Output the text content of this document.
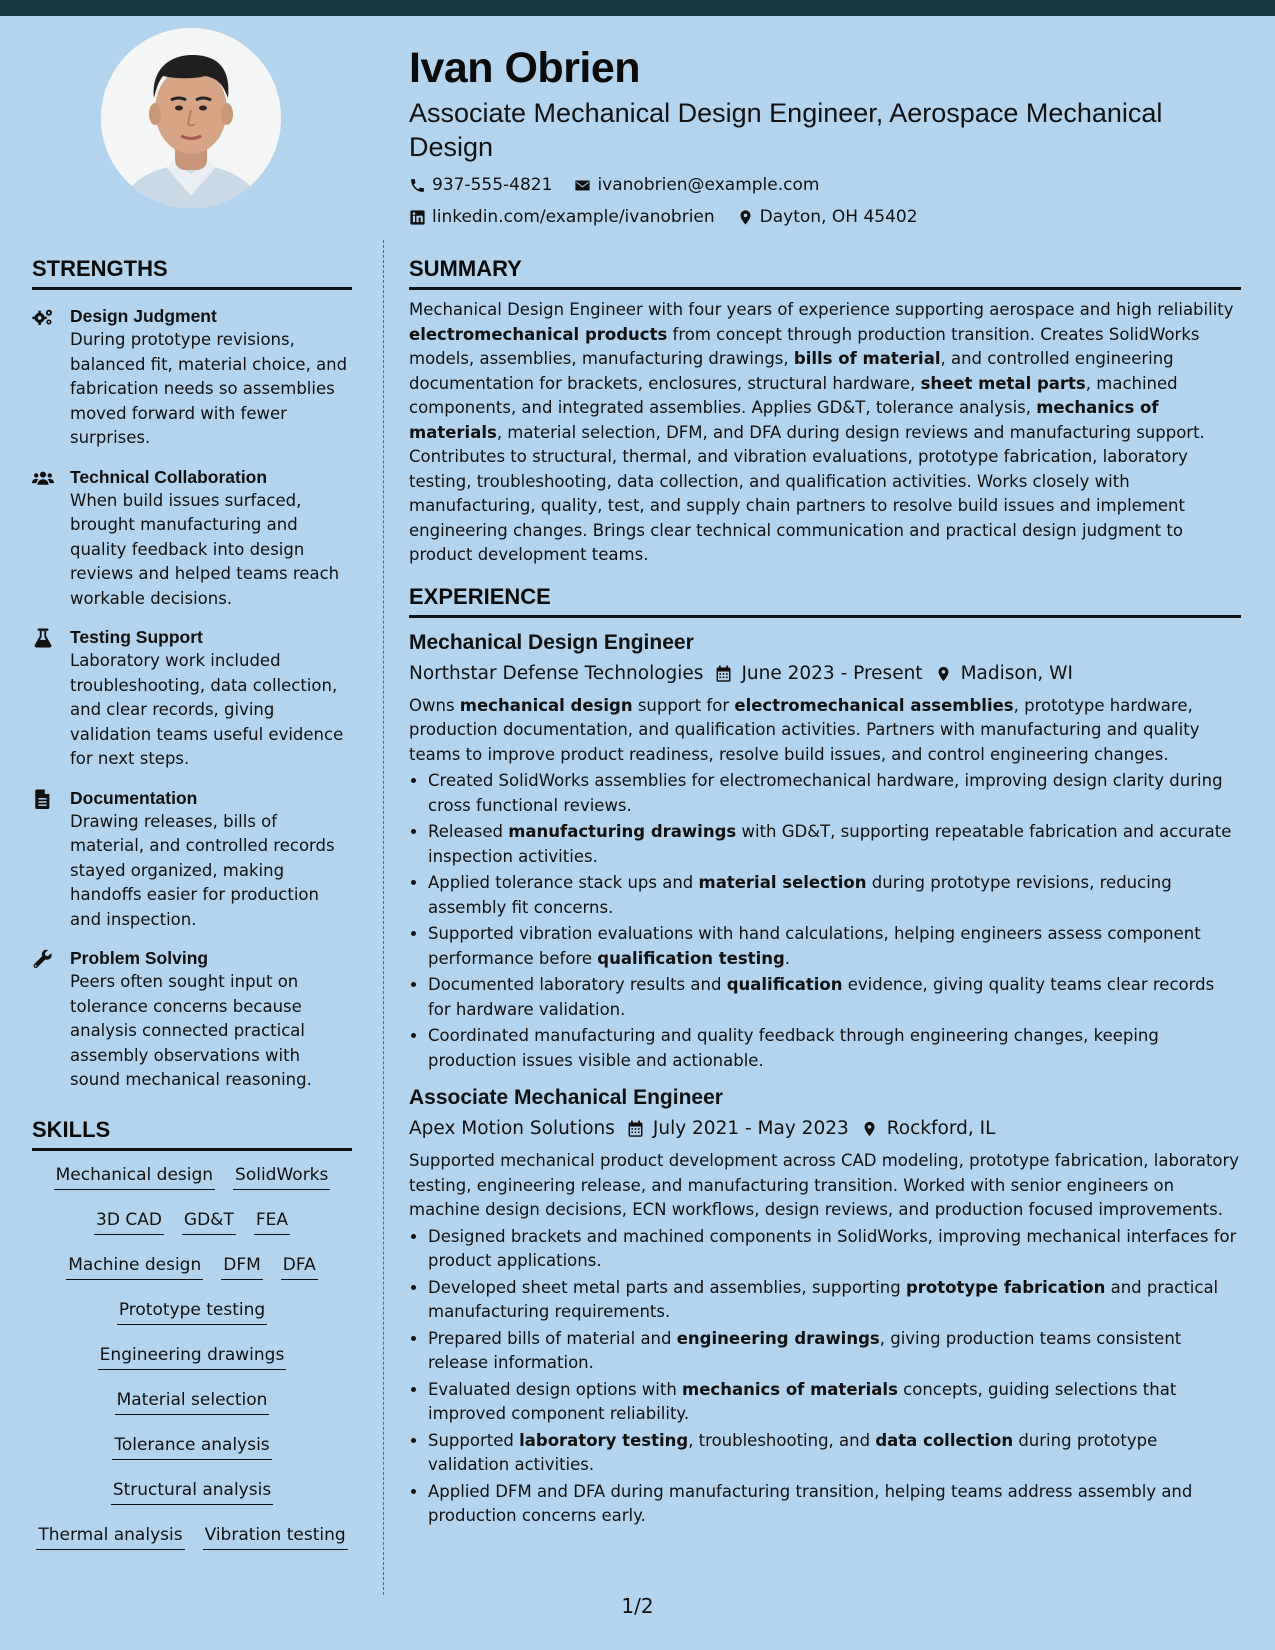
Ivan Obrien
Associate Mechanical Design Engineer, Aerospace Mechanical Design
937-555-4821	ivanobrien@example.com
linkedin.com/example/ivanobrien	Dayton, OH 45402
STRENGTHS
Design Judgment
During prototype revisions, balanced fit, material choice, and fabrication needs so assemblies moved forward with fewer surprises.
Technical Collaboration
When build issues surfaced, brought manufacturing and quality feedback into design reviews and helped teams reach workable decisions.
Testing Support
Laboratory work included troubleshooting, data collection, and clear records, giving validation teams useful evidence for next steps.
Documentation
Drawing releases, bills of material, and controlled records stayed organized, making handoffs easier for production and inspection.
Problem Solving
Peers often sought input on tolerance concerns because analysis connected practical assembly observations with sound mechanical reasoning.
SKILLS
Mechanical design SolidWorks
3D CAD GD&T FEA
Machine design DFM DFA
Prototype testing
Engineering drawings
Material selection
Tolerance analysis
Structural analysis
Thermal analysis Vibration testing
SUMMARY
Mechanical Design Engineer with four years of experience supporting aerospace and high reliability electromechanical products from concept through production transition. Creates SolidWorks models, assemblies, manufacturing drawings, bills of material, and controlled engineering documentation for brackets, enclosures, structural hardware, sheet metal parts, machined components, and integrated assemblies. Applies GD&T, tolerance analysis, mechanics of materials, material selection, DFM, and DFA during design reviews and manufacturing support. Contributes to structural, thermal, and vibration evaluations, prototype fabrication, laboratory testing, troubleshooting, data collection, and qualification activities. Works closely with manufacturing, quality, test, and supply chain partners to resolve build issues and implement engineering changes. Brings clear technical communication and practical design judgment to product development teams.
EXPERIENCE
Mechanical Design Engineer
Northstar Defense Technologies June 2023 - Present Madison, WI
Owns mechanical design support for electromechanical assemblies, prototype hardware, production documentation, and qualification activities. Partners with manufacturing and quality teams to improve product readiness, resolve build issues, and control engineering changes.
• Created SolidWorks assemblies for electromechanical hardware, improving design clarity during cross functional reviews.
• Released manufacturing drawings with GD&T, supporting repeatable fabrication and accurate inspection activities.
• Applied tolerance stack ups and material selection during prototype revisions, reducing assembly fit concerns.
• Supported vibration evaluations with hand calculations, helping engineers assess component performance before qualification testing.
• Documented laboratory results and qualification evidence, giving quality teams clear records for hardware validation.
• Coordinated manufacturing and quality feedback through engineering changes, keeping production issues visible and actionable.
Associate Mechanical Engineer
Apex Motion Solutions July 2021 - May 2023 Rockford, IL
Supported mechanical product development across CAD modeling, prototype fabrication, laboratory testing, engineering release, and manufacturing transition. Worked with senior engineers on machine design decisions, ECN workflows, design reviews, and production focused improvements.
• Designed brackets and machined components in SolidWorks, improving mechanical interfaces for product applications.
• Developed sheet metal parts and assemblies, supporting prototype fabrication and practical manufacturing requirements.
• Prepared bills of material and engineering drawings, giving production teams consistent release information.
• Evaluated design options with mechanics of materials concepts, guiding selections that improved component reliability.
• Supported laboratory testing, troubleshooting, and data collection during prototype validation activities.
• Applied DFM and DFA during manufacturing transition, helping teams address assembly and production concerns early.
1/2
